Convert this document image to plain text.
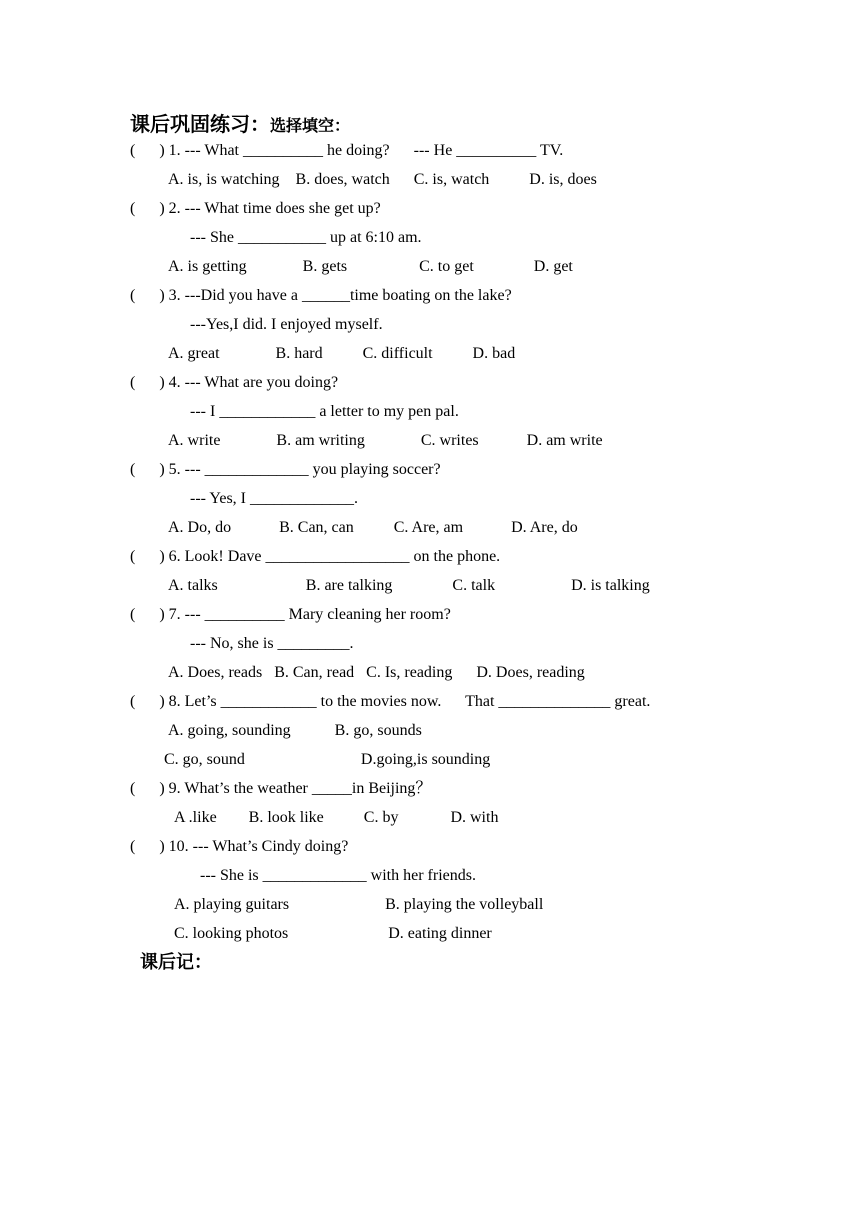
课后巩固练习：选择填空：
(      ) 1. --- What __________ he doing?      --- He __________ TV.
A. is, is watching    B. does, watch      C. is, watch          D. is, does
(      ) 2. --- What time does she get up?
--- She ___________ up at 6:10 am.
A. is getting              B. gets                  C. to get               D. get
(      ) 3. ---Did you have a ______time boating on the lake?
---Yes,I did. I enjoyed myself.
A. great              B. hard          C. difficult          D. bad
(      ) 4. --- What are you doing?
--- I ____________ a letter to my pen pal.
A. write              B. am writing              C. writes            D. am write
(      ) 5. --- _____________ you playing soccer?
--- Yes, I _____________.
A. Do, do            B. Can, can          C. Are, am            D. Are, do
(      ) 6. Look! Dave __________________ on the phone.
A. talks                      B. are talking               C. talk                   D. is talking
(      ) 7. --- __________ Mary cleaning her room?
--- No, she is _________.
A. Does, reads   B. Can, read   C. Is, reading      D. Does, reading
(      ) 8. Let’s ____________ to the movies now.      That ______________ great.
A. going, sounding           B. go, sounds
C. go, sound                             D.going,is sounding
(      ) 9. What’s the weather _____in Beijing？
A .like        B. look like          C. by             D. with
(      ) 10. --- What’s Cindy doing?
--- She is _____________ with her friends.
A. playing guitars                        B. playing the volleyball
C. looking photos                         D. eating dinner
课后记：
